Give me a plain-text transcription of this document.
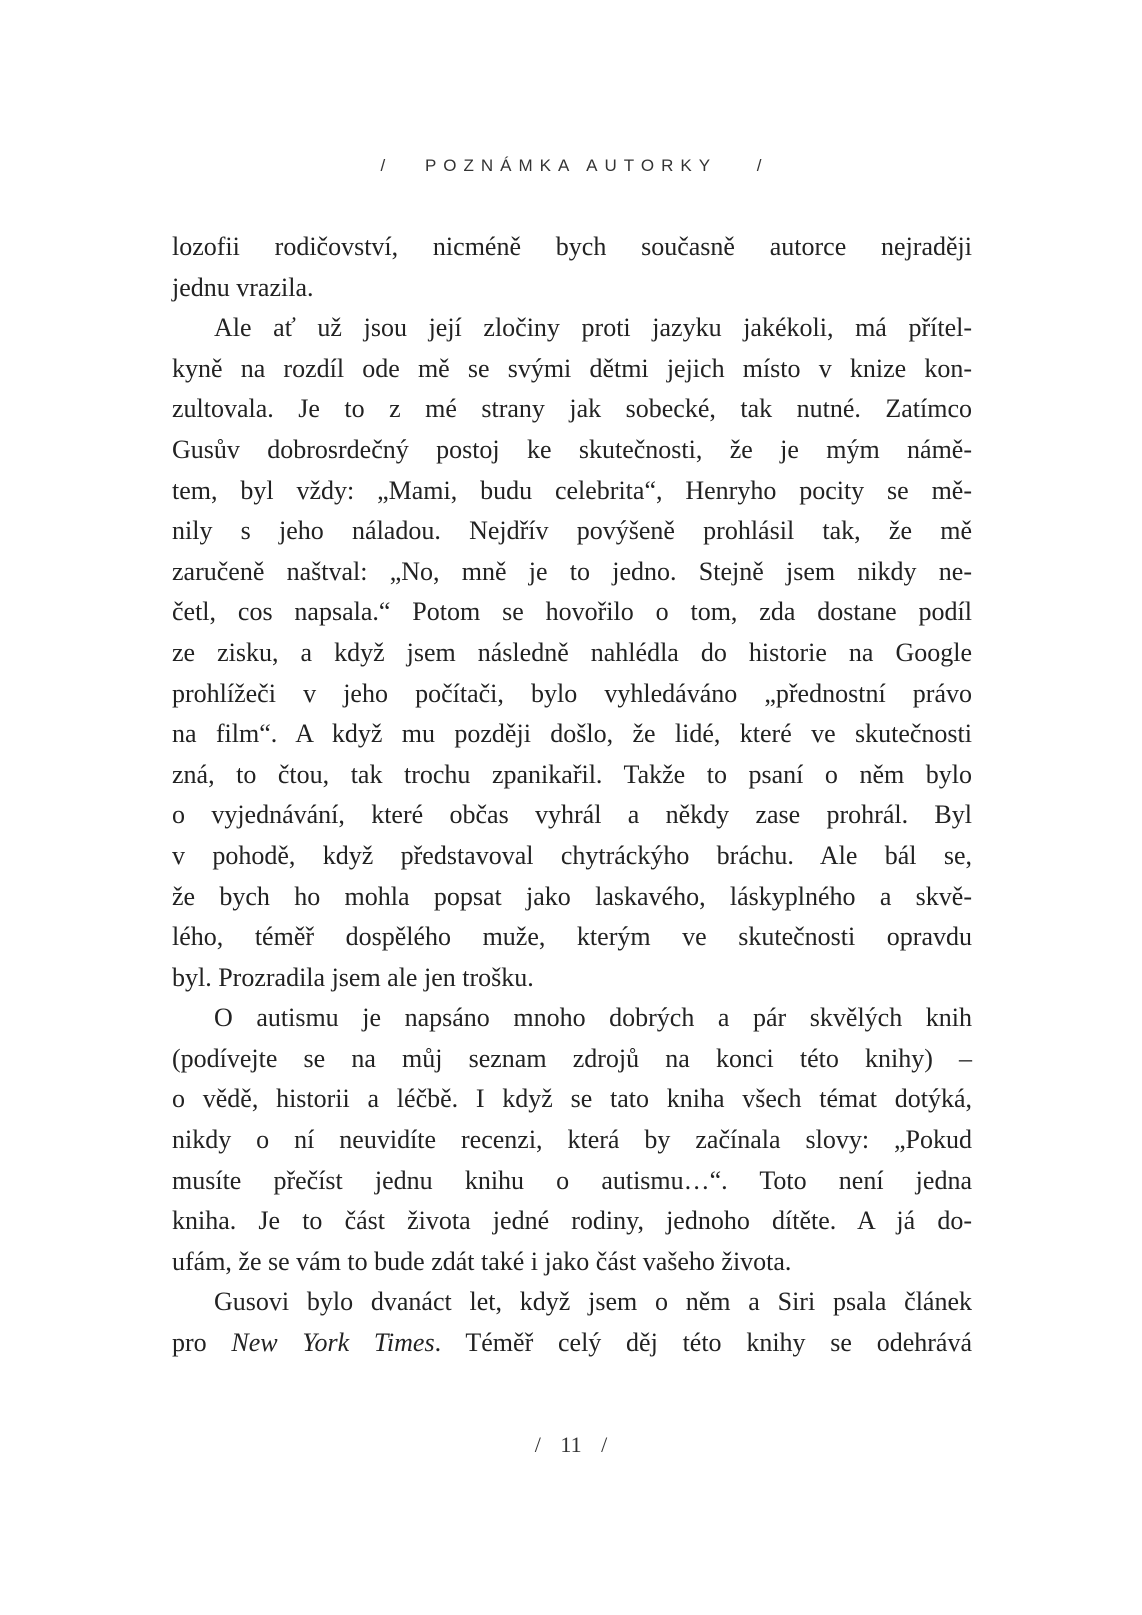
/ POZNÁMKA AUTORKY /
lozofii rodičovství, nicméně bych současně autorce nejraději
jednu vrazila.
Ale ať už jsou její zločiny proti jazyku jakékoli, má přítel-
kyně na rozdíl ode mě se svými dětmi jejich místo v knize kon-
zultovala. Je to z mé strany jak sobecké, tak nutné. Zatímco
Gusův dobrosrdečný postoj ke skutečnosti, že je mým námě-
tem, byl vždy: „Mami, budu celebrita“, Henryho pocity se mě-
nily s jeho náladou. Nejdřív povýšeně prohlásil tak, že mě
zaručeně naštval: „No, mně je to jedno. Stejně jsem nikdy ne-
četl, cos napsala.“ Potom se hovořilo o tom, zda dostane podíl
ze zisku, a když jsem následně nahlédla do historie na Google
prohlížeči v jeho počítači, bylo vyhledáváno „přednostní právo
na film“. A když mu později došlo, že lidé, které ve skutečnosti
zná, to čtou, tak trochu zpanikařil. Takže to psaní o něm bylo
o vyjednávání, které občas vyhrál a někdy zase prohrál. Byl
v pohodě, když představoval chytráckýho bráchu. Ale bál se,
že bych ho mohla popsat jako laskavého, láskyplného a skvě-
lého, téměř dospělého muže, kterým ve skutečnosti opravdu
byl. Prozradila jsem ale jen trošku.
O autismu je napsáno mnoho dobrých a pár skvělých knih
(podívejte se na můj seznam zdrojů na konci této knihy) –
o vědě, historii a léčbě. I když se tato kniha všech témat dotýká,
nikdy o ní neuvidíte recenzi, která by začínala slovy: „Pokud
musíte přečíst jednu knihu o autismu…“. Toto není jedna
kniha. Je to část života jedné rodiny, jednoho dítěte. A já do-
ufám, že se vám to bude zdát také i jako část vašeho života.
Gusovi bylo dvanáct let, když jsem o něm a Siri psala článek
pro New York Times. Téměř celý děj této knihy se odehrává
/ 11 /
